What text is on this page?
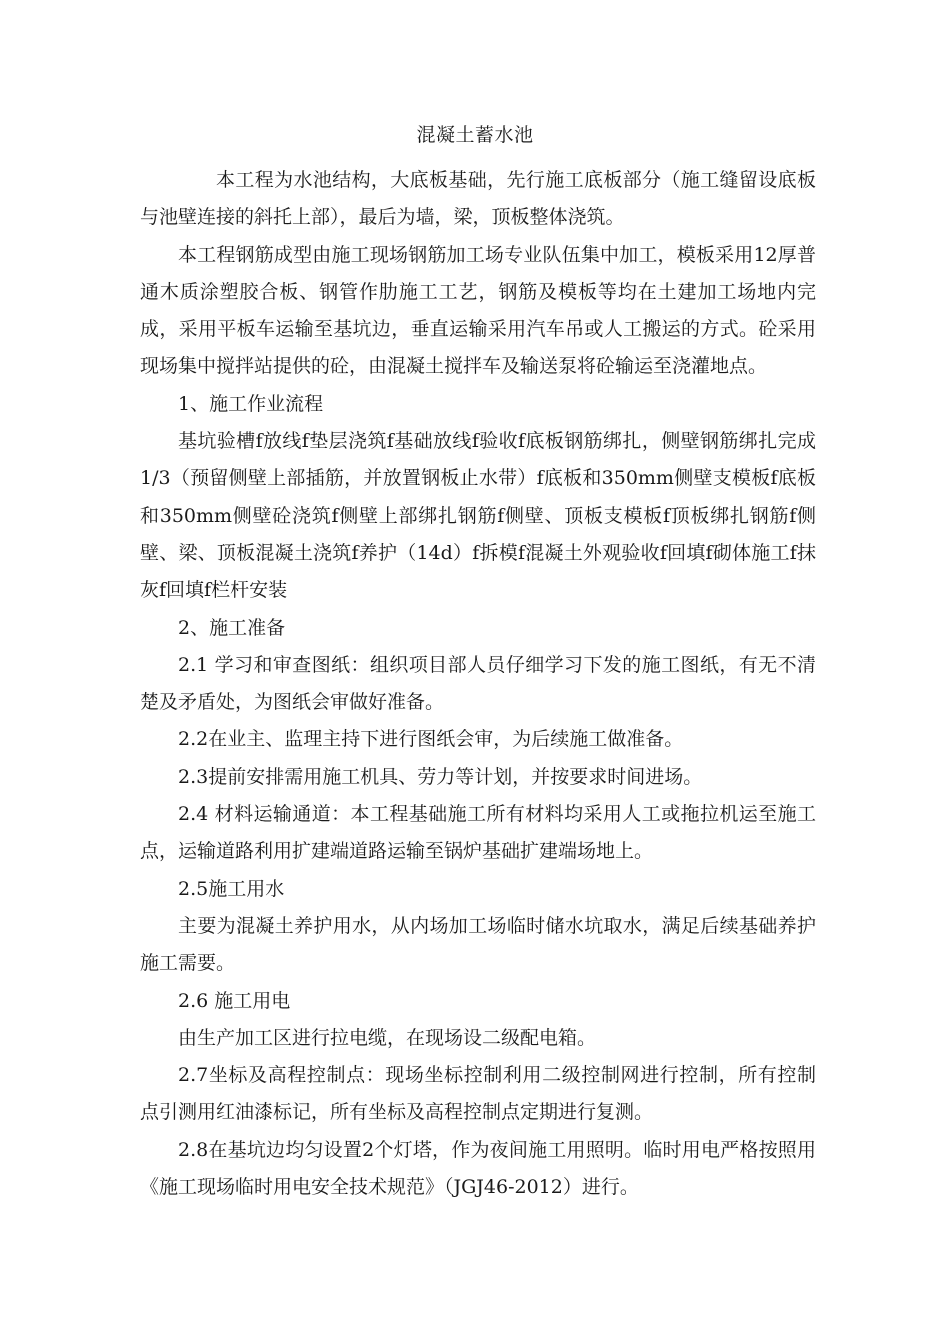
混凝土蓄水池

本工程为水池结构，大底板基础，先行施工底板部分（施工缝留设底板与池壁连接的斜托上部），最后为墙，梁，顶板整体浇筑。

本工程钢筋成型由施工现场钢筋加工场专业队伍集中加工，模板采用12厚普通木质涂塑胶合板、钢管作肋施工工艺，钢筋及模板等均在土建加工场地内完成，采用平板车运输至基坑边，垂直运输采用汽车吊或人工搬运的方式。砼采用现场集中搅拌站提供的砼，由混凝土搅拌车及输送泵将砼输运至浇灌地点。

1、施工作业流程

基坑验槽f放线f垫层浇筑f基础放线f验收f底板钢筋绑扎，侧壁钢筋绑扎完成1/3（预留侧壁上部插筋，并放置钢板止水带）f底板和350mm侧壁支模板f底板和350mm侧壁砼浇筑f侧壁上部绑扎钢筋f侧壁、顶板支模板f顶板绑扎钢筋f侧壁、梁、顶板混凝土浇筑f养护（14d）f拆模f混凝土外观验收f回填f砌体施工f抹灰f回填f栏杆安装

2、施工准备

2.1 学习和审查图纸：组织项目部人员仔细学习下发的施工图纸，有无不清楚及矛盾处，为图纸会审做好准备。

2.2在业主、监理主持下进行图纸会审，为后续施工做准备。

2.3提前安排需用施工机具、劳力等计划，并按要求时间进场。

2.4 材料运输通道：本工程基础施工所有材料均采用人工或拖拉机运至施工点，运输道路利用扩建端道路运输至锅炉基础扩建端场地上。

2.5施工用水

主要为混凝土养护用水，从内场加工场临时储水坑取水，满足后续基础养护施工需要。

2.6 施工用电

由生产加工区进行拉电缆，在现场设二级配电箱。

2.7坐标及高程控制点：现场坐标控制利用二级控制网进行控制，所有控制点引测用红油漆标记，所有坐标及高程控制点定期进行复测。

2.8在基坑边均匀设置2个灯塔，作为夜间施工用照明。临时用电严格按照用《施工现场临时用电安全技术规范》（JGJ46-2012）进行。
